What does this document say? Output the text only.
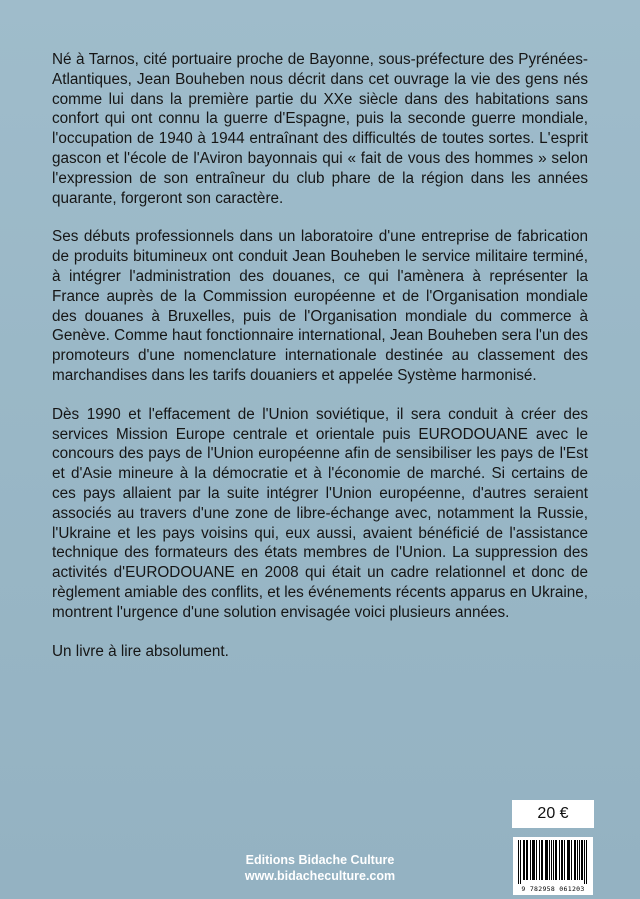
Né à Tarnos, cité portuaire proche de Bayonne, sous-préfecture des Pyrénées-Atlantiques, Jean Bouheben nous décrit dans cet ouvrage la vie des gens nés comme lui dans la première partie du XXe siècle dans des habitations sans confort qui ont connu la guerre d'Espagne, puis la seconde guerre mondiale, l'occupation de 1940 à 1944 entraînant des difficultés de toutes sortes. L'esprit gascon et l'école de l'Aviron bayonnais qui « fait de vous des hommes » selon l'expression de son entraîneur du club phare de la région dans les années quarante, forgeront son caractère.

Ses débuts professionnels dans un laboratoire d'une entreprise de fabrication de produits bitumineux ont conduit Jean Bouheben le service militaire terminé, à intégrer l'administration des douanes, ce qui l'amènera à représenter la France auprès de la Commission européenne et de l'Organisation mondiale des douanes à Bruxelles, puis de l'Organisation mondiale du commerce à Genève. Comme haut fonctionnaire international, Jean Bouheben sera l'un des promoteurs d'une nomenclature internationale destinée au classement des marchandises dans les tarifs douaniers et appelée Système harmonisé.

Dès 1990 et l'effacement de l'Union soviétique, il sera conduit à créer des services Mission Europe centrale et orientale puis EURODOUANE avec le concours des pays de l'Union européenne afin de sensibiliser les pays de l'Est et d'Asie mineure à la démocratie et à l'économie de marché. Si certains de ces pays allaient par la suite intégrer l'Union européenne, d'autres seraient associés au travers d'une zone de libre-échange avec, notamment la Russie, l'Ukraine et les pays voisins qui, eux aussi, avaient bénéficié de l'assistance technique des formateurs des états membres de l'Union. La suppression des activités d'EURODOUANE en 2008 qui était un cadre relationnel et donc de règlement amiable des conflits, et les événements récents apparus en Ukraine, montrent l'urgence d'une solution envisagée voici plusieurs années.

Un livre à lire absolument.

20 €
Editions Bidache Culture
www.bidacheculture.com
9 782958 061203
